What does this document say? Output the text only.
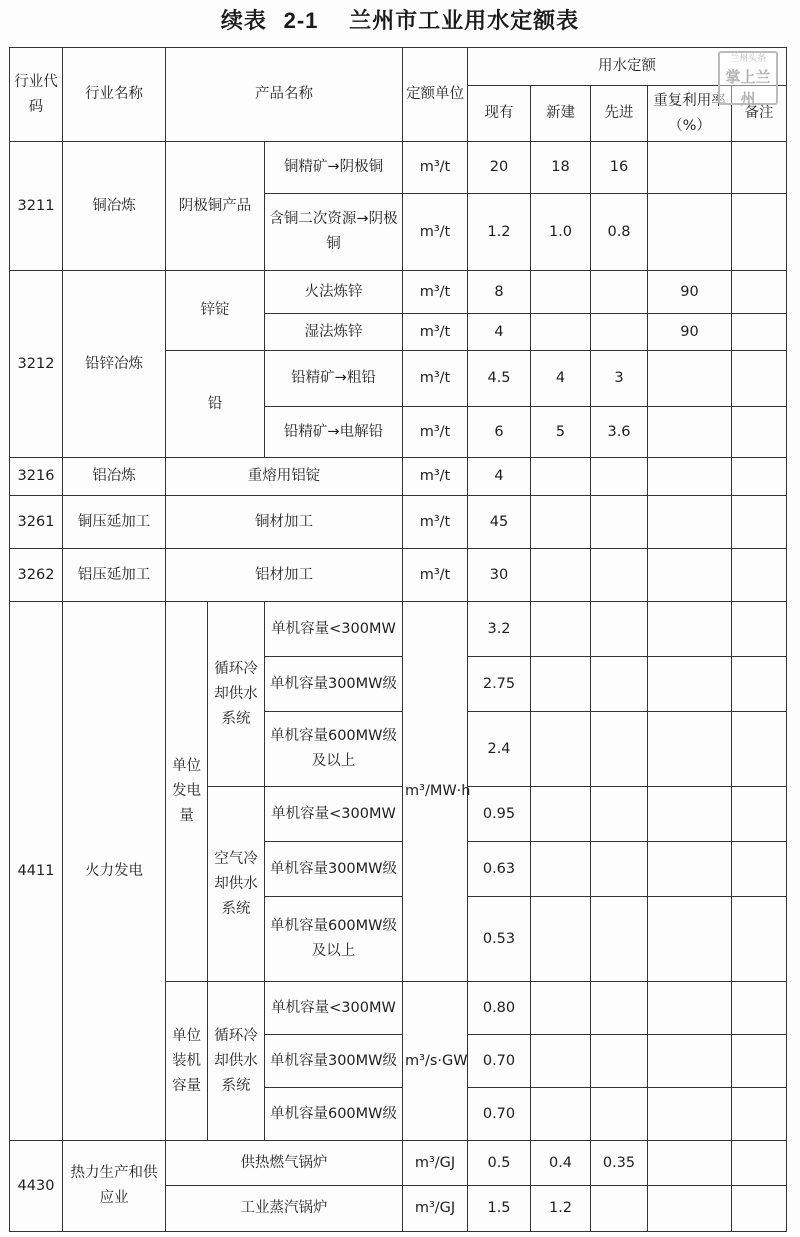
续表 2-1 兰州市工业用水定额表
行业代码	行业名称	产品名称			定额单位	用水定额				
						现有	新建	先进	重复利用率（%）	备注
3211	铜冶炼	阴极铜产品		铜精矿→阴极铜	m³/t	20	18	16		
				含铜二次资源→阴极铜	m³/t	1.2	1.0	0.8		
3212	铅锌冶炼	锌锭		火法炼锌	m³/t	8			90	
				湿法炼锌	m³/t	4			90	
		铅		铅精矿→粗铅	m³/t	4.5	4	3		
				铅精矿→电解铅	m³/t	6	5	3.6		
3216	铝冶炼	重熔用铝锭			m³/t	4				
3261	铜压延加工	铜材加工			m³/t	45				
3262	铝压延加工	铝材加工			m³/t	30				
4411	火力发电	单位发电量	循环冷却供水系统	单机容量<300MW	m³/MW·h	3.2				
				单机容量300MW级		2.75				
				单机容量600MW级及以上		2.4				
			空气冷却供水系统	单机容量<300MW		0.95				
				单机容量300MW级		0.63				
				单机容量600MW级及以上		0.53				
		单位装机容量	循环冷却供水系统	单机容量<300MW	m³/s·GW	0.80				
				单机容量300MW级		0.70				
				单机容量600MW级		0.70				
4430	热力生产和供应业	供热燃气锅炉			m³/GJ	0.5	0.4	0.35		
		工业蒸汽锅炉			m³/GJ	1.5	1.2			
兰州头条
掌上兰州
